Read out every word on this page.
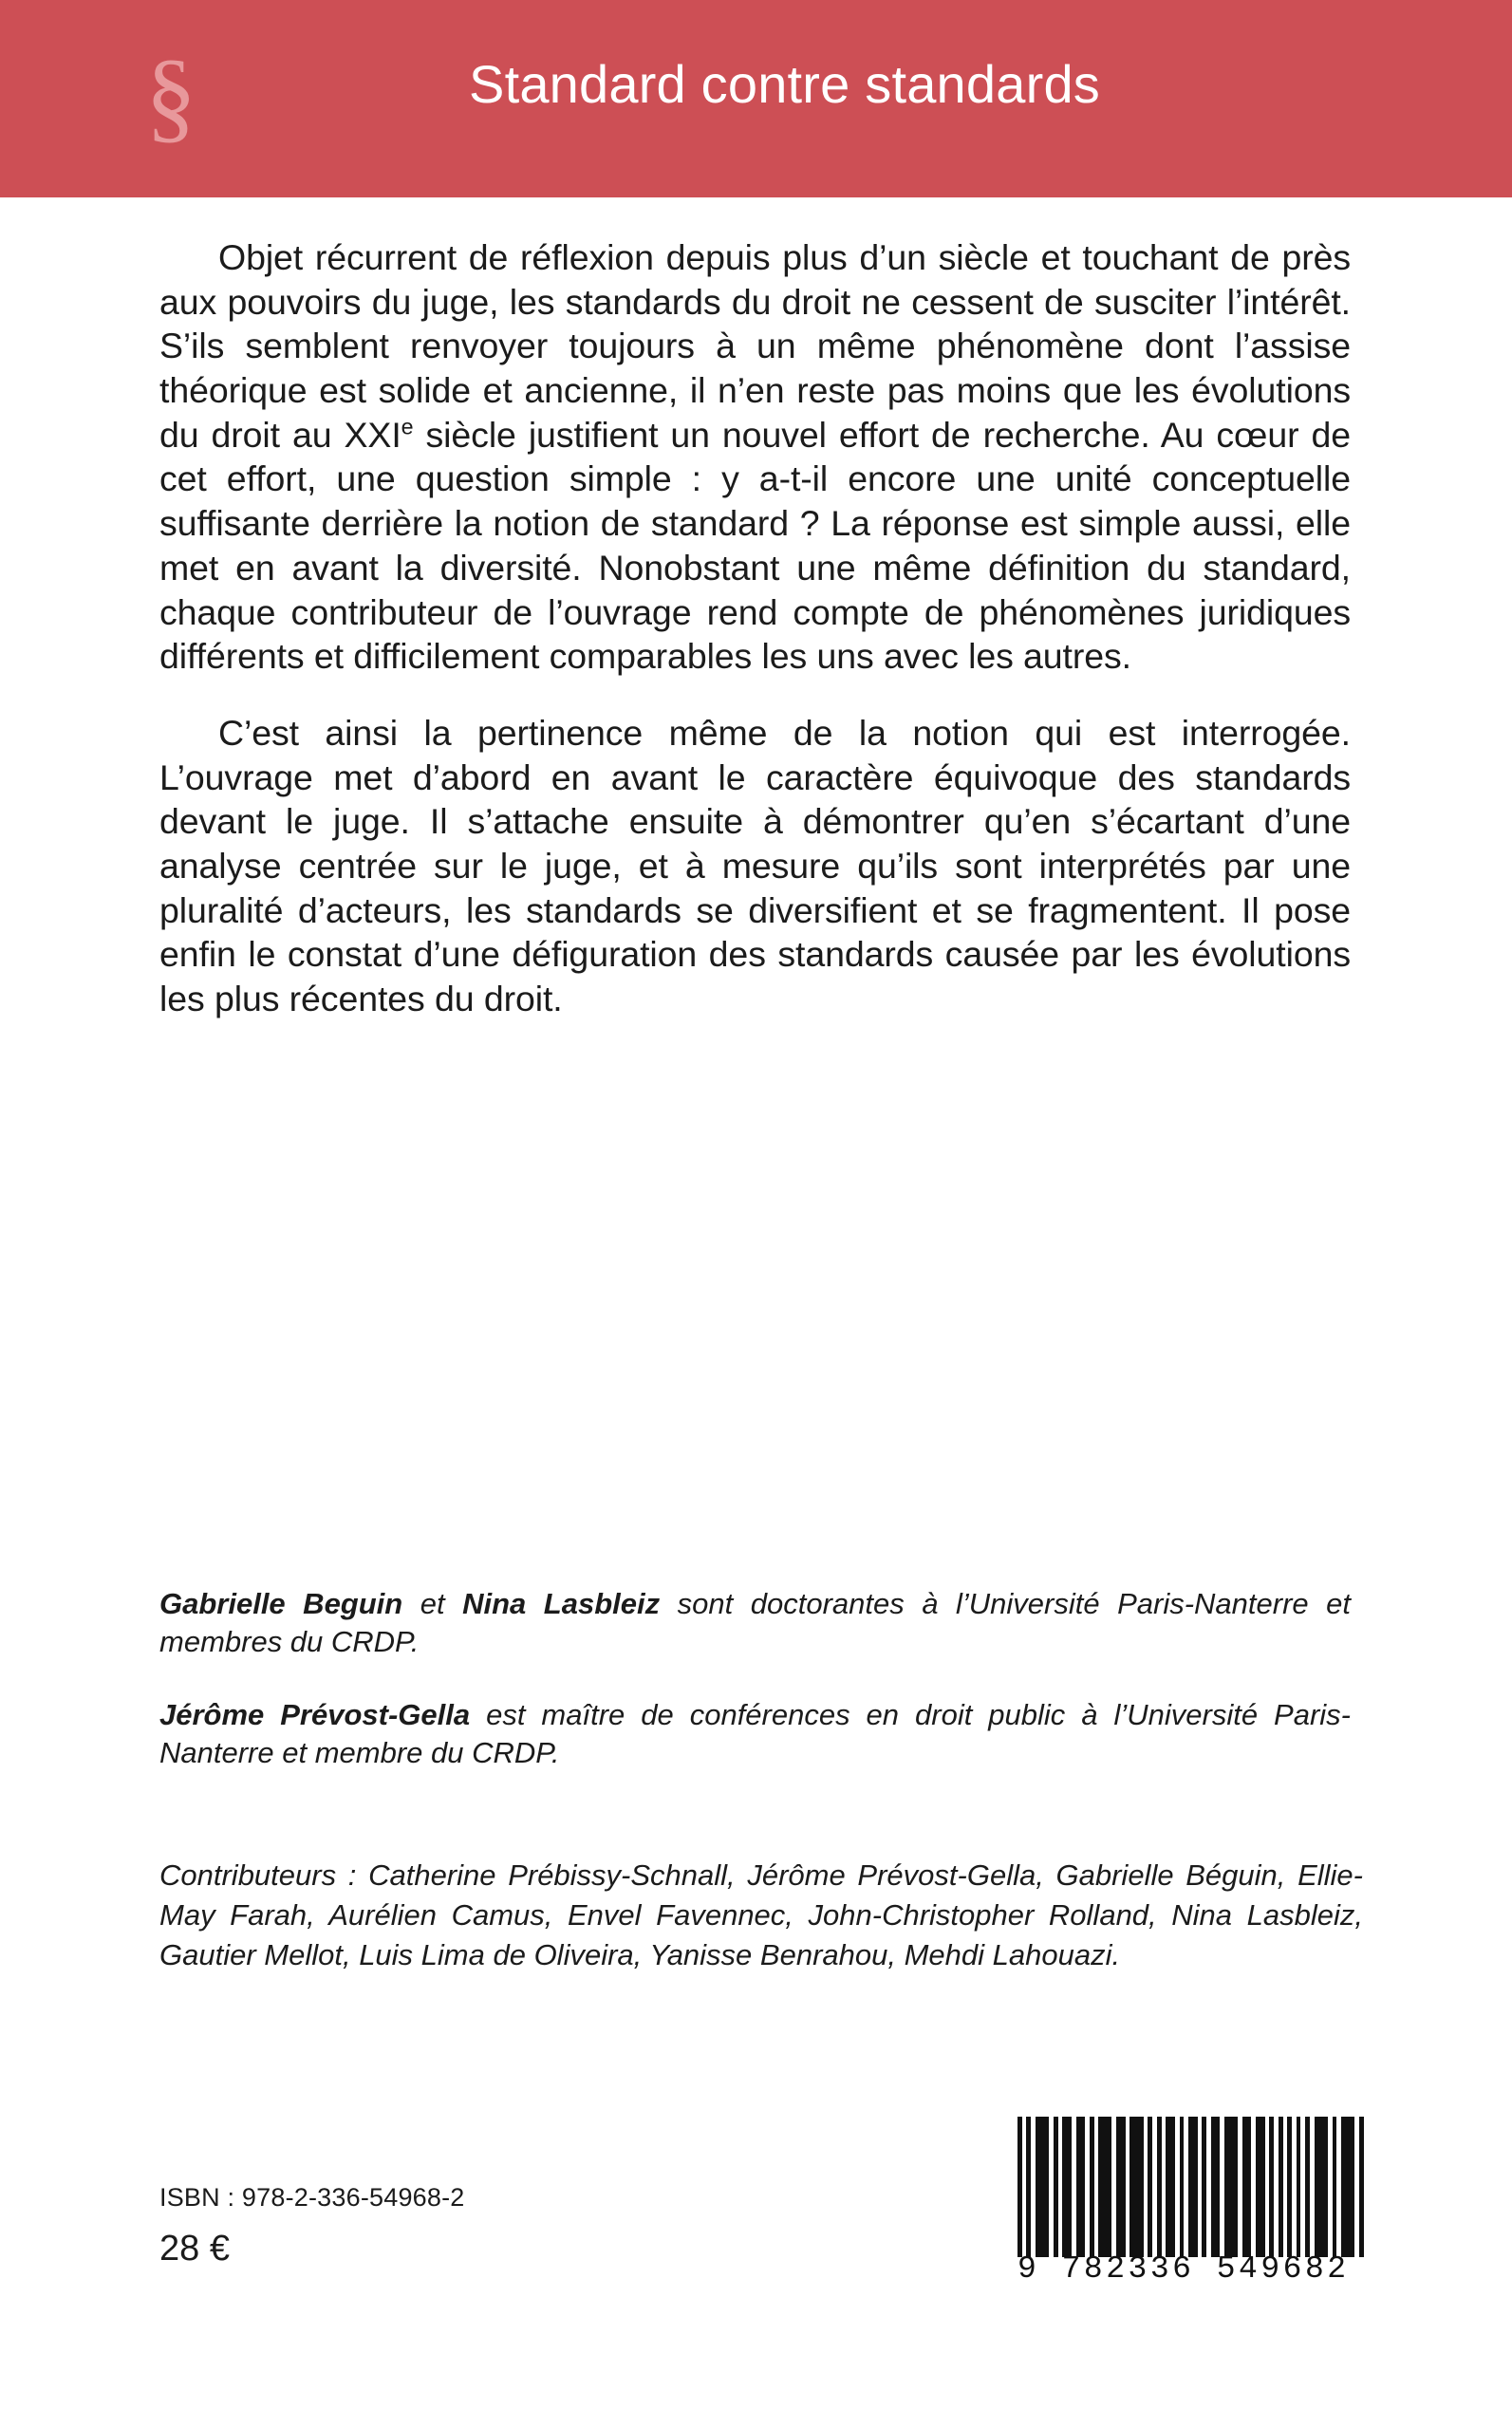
§	Standard contre standards

Objet récurrent de réflexion depuis plus d’un siècle et touchant de près aux pouvoirs du juge, les standards du droit ne cessent de susciter l’intérêt. S’ils semblent renvoyer toujours à un même phénomène dont l’assise théorique est solide et ancienne, il n’en reste pas moins que les évolutions du droit au XXIe siècle justifient un nouvel effort de recherche. Au cœur de cet effort, une question simple : y a-t-il encore une unité conceptuelle suffisante derrière la notion de standard ? La réponse est simple aussi, elle met en avant la diversité. Nonobstant une même définition du standard, chaque contributeur de l’ouvrage rend compte de phénomènes juridiques différents et difficilement comparables les uns avec les autres.

C’est ainsi la pertinence même de la notion qui est interrogée. L’ouvrage met d’abord en avant le caractère équivoque des standards devant le juge. Il s’attache ensuite à démontrer qu’en s’écartant d’une analyse centrée sur le juge, et à mesure qu’ils sont interprétés par une pluralité d’acteurs, les standards se diversifient et se fragmentent. Il pose enfin le constat d’une défiguration des standards causée par les évolutions les plus récentes du droit.

Gabrielle Beguin et Nina Lasbleiz sont doctorantes à l’Université Paris-Nanterre et membres du CRDP.

Jérôme Prévost-Gella est maître de conférences en droit public à l’Université Paris-Nanterre et membre du CRDP.

Contributeurs : Catherine Prébissy-Schnall, Jérôme Prévost-Gella, Gabrielle Béguin, Ellie-May Farah, Aurélien Camus, Envel Favennec, John-Christopher Rolland, Nina Lasbleiz, Gautier Mellot, Luis Lima de Oliveira, Yanisse Benrahou, Mehdi Lahouazi.
ISBN : 978-2-336-54968-2
28 €
9 782336 549682
